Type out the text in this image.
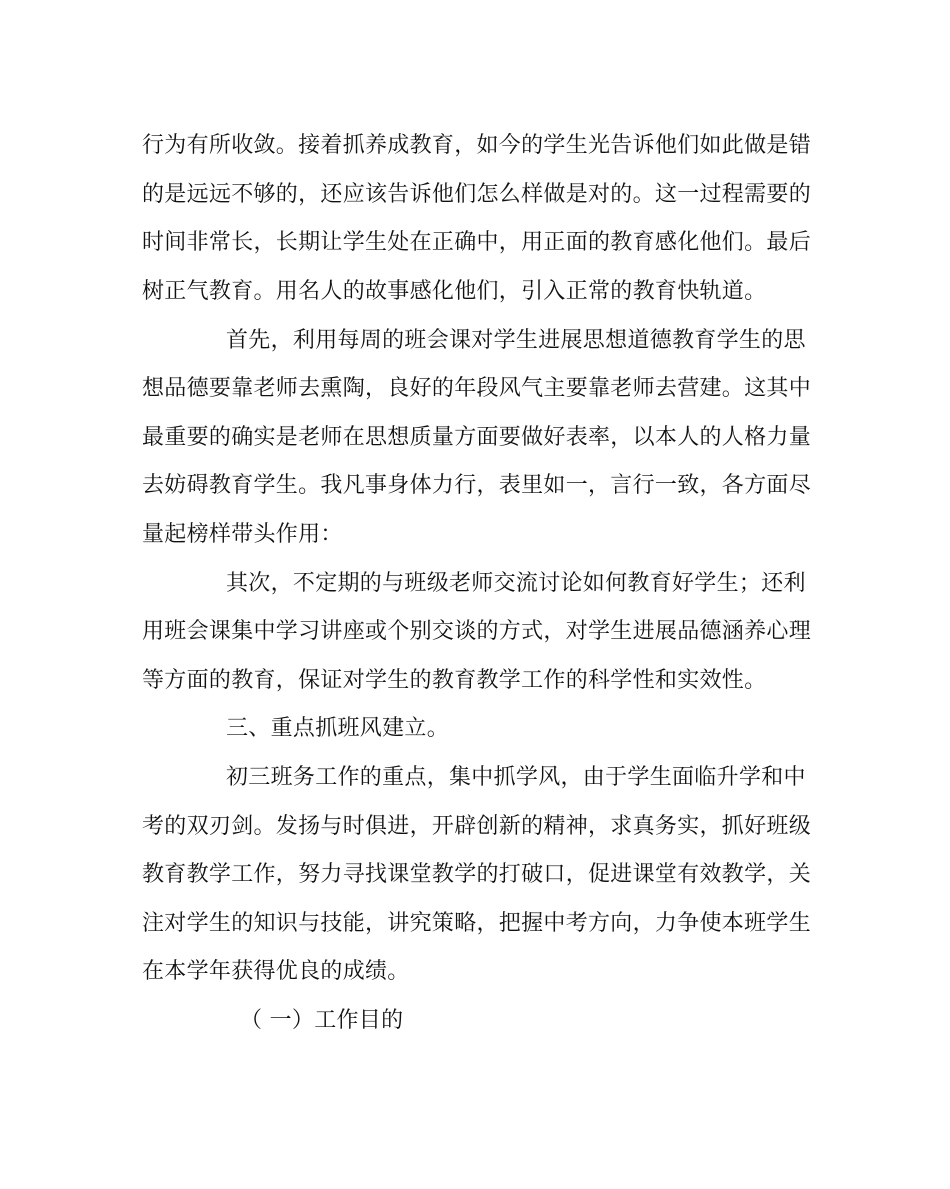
行为有所收敛。接着抓养成教育，如今的学生光告诉他们如此做是错
的是远远不够的，还应该告诉他们怎么样做是对的。这一过程需要的
时间非常长，长期让学生处在正确中，用正面的教育感化他们。最后
树正气教育。用名人的故事感化他们，引入正常的教育快轨道。
首先，利用每周的班会课对学生进展思想道德教育学生的思
想品德要靠老师去熏陶，良好的年段风气主要靠老师去营建。这其中
最重要的确实是老师在思想质量方面要做好表率，以本人的人格力量
去妨碍教育学生。我凡事身体力行，表里如一，言行一致，各方面尽
量起榜样带头作用：
其次，不定期的与班级老师交流讨论如何教育好学生；还利
用班会课集中学习讲座或个别交谈的方式，对学生进展品德涵养心理
等方面的教育，保证对学生的教育教学工作的科学性和实效性。
三、重点抓班风建立。
初三班务工作的重点，集中抓学风，由于学生面临升学和中
考的双刃剑。发扬与时俱进，开辟创新的精神，求真务实，抓好班级
教育教学工作，努力寻找课堂教学的打破口，促进课堂有效教学，关
注对学生的知识与技能，讲究策略，把握中考方向，力争使本班学生
在本学年获得优良的成绩。
（ 一）工作目的
